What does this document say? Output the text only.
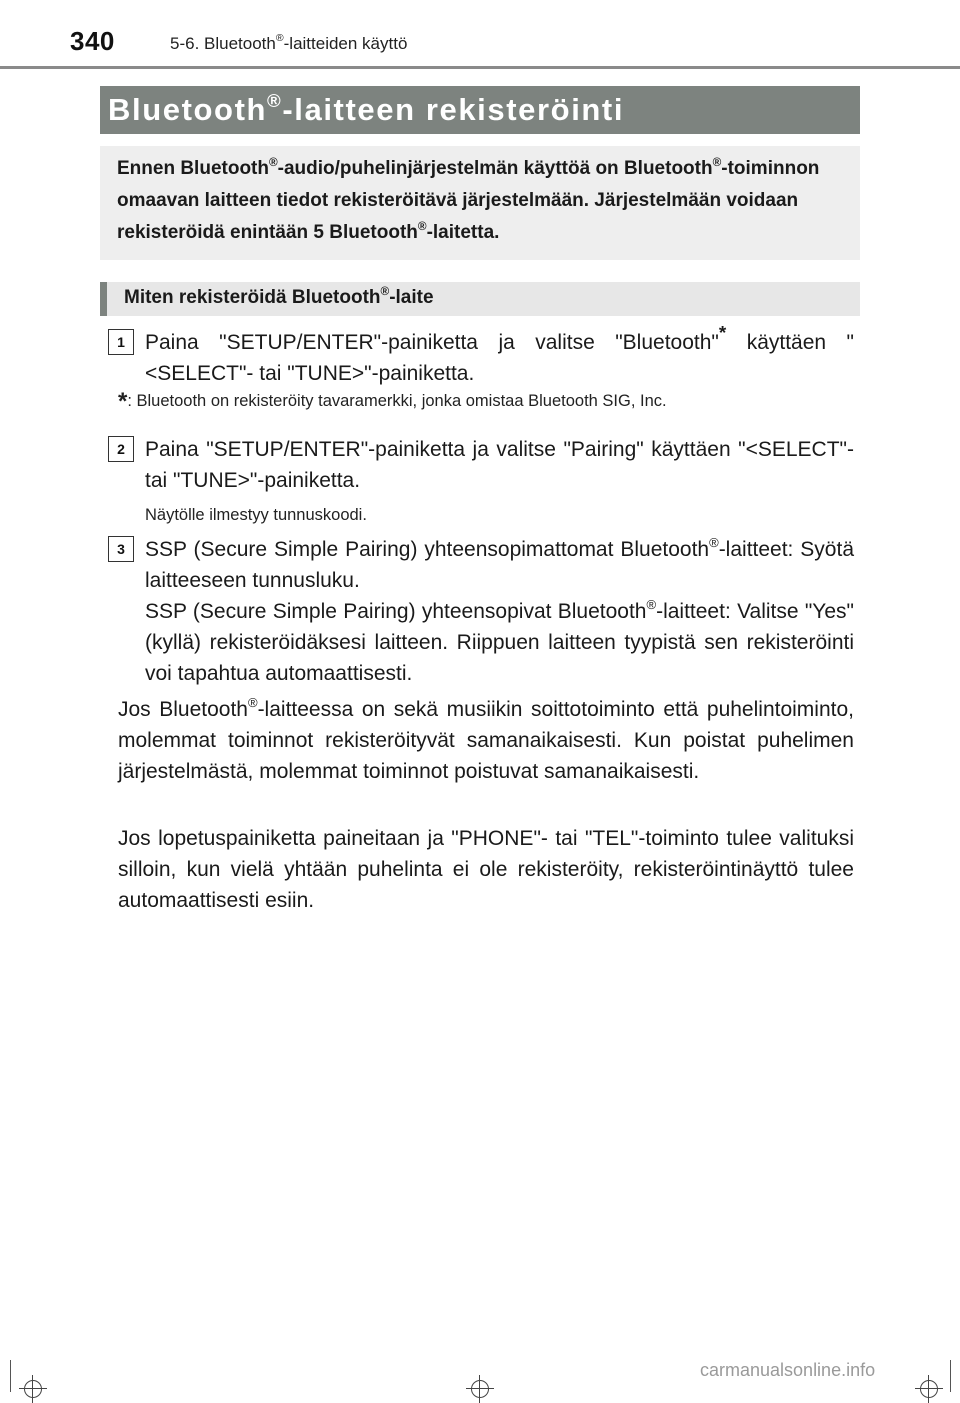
340	5-6. Bluetooth®-laitteiden käyttö
Bluetooth®-laitteen rekisteröinti
Ennen Bluetooth®-audio/puhelinjärjestelmän käyttöä on Bluetooth®-toiminnon omaavan laitteen tiedot rekisteröitävä järjestelmään. Järjestelmään voidaan rekisteröidä enintään 5 Bluetooth®-laitetta.
Miten rekisteröidä Bluetooth®-laite
1 Paina "SETUP/ENTER"-painiketta ja valitse "Bluetooth"* käyttäen "<SELECT"- tai "TUNE>"-painiketta.
*: Bluetooth on rekisteröity tavaramerkki, jonka omistaa Bluetooth SIG, Inc.
2 Paina "SETUP/ENTER"-painiketta ja valitse "Pairing" käyttäen "<SELECT"- tai "TUNE>"-painiketta.
Näytölle ilmestyy tunnuskoodi.
3 SSP (Secure Simple Pairing) yhteensopimattomat Bluetooth®-laitteet: Syötä laitteeseen tunnusluku.
SSP (Secure Simple Pairing) yhteensopivat Bluetooth®-laitteet: Valitse "Yes" (kyllä) rekisteröidäksesi laitteen. Riippuen laitteen tyypistä sen rekisteröinti voi tapahtua automaattisesti.
Jos Bluetooth®-laitteessa on sekä musiikin soittotoiminto että puhelintoiminto, molemmat toiminnot rekisteröityvät samanaikaisesti. Kun poistat puhelimen järjestelmästä, molemmat toiminnot poistuvat samanaikaisesti.
Jos lopetuspainiketta paineitaan ja "PHONE"- tai "TEL"-toiminto tulee valituksi silloin, kun vielä yhtään puhelinta ei ole rekisteröity, rekisteröintinäyttö tulee automaattisesti esiin.
carmanualsonline.info
